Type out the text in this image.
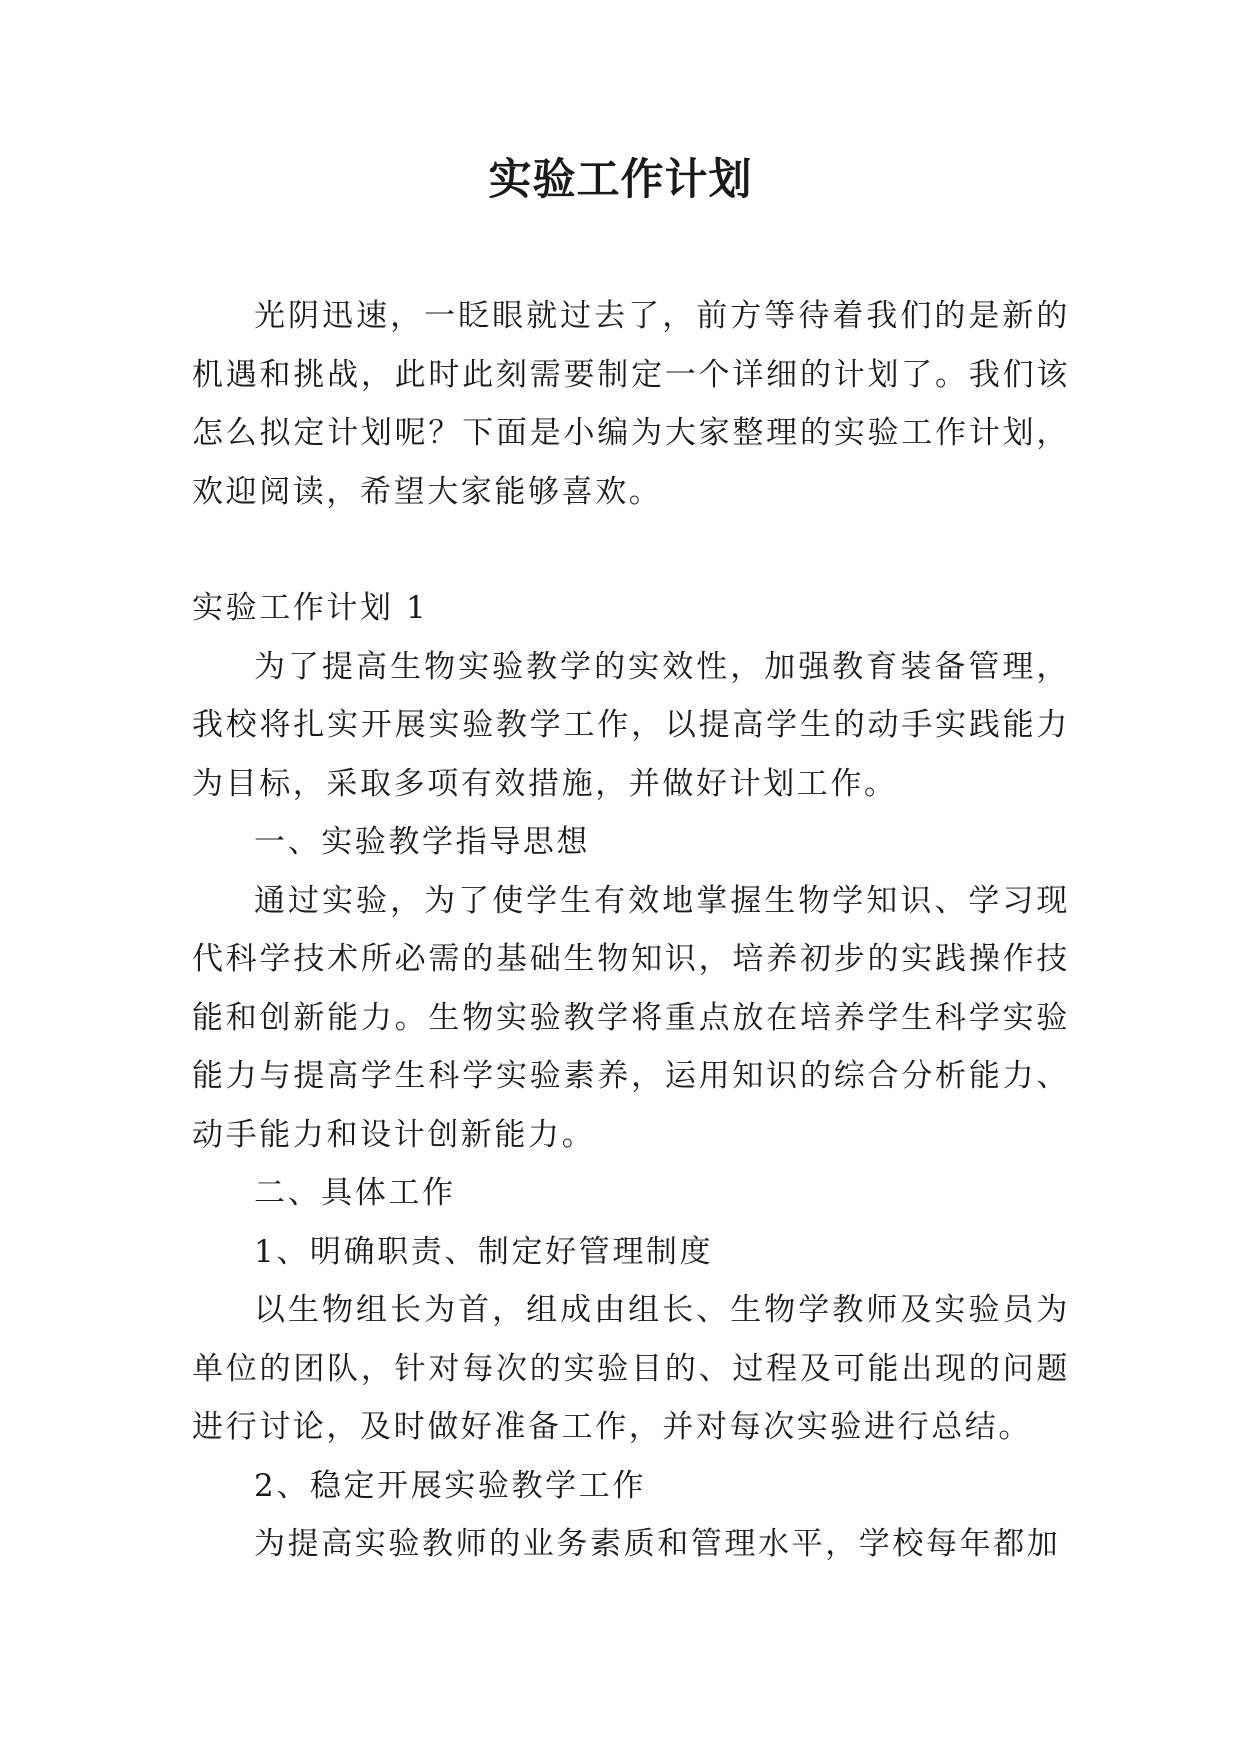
实验工作计划

光阴迅速，一眨眼就过去了，前方等待着我们的是新的机遇和挑战，此时此刻需要制定一个详细的计划了。我们该怎么拟定计划呢？下面是小编为大家整理的实验工作计划，欢迎阅读，希望大家能够喜欢。

实验工作计划 1

为了提高生物实验教学的实效性，加强教育装备管理，我校将扎实开展实验教学工作，以提高学生的动手实践能力为目标，采取多项有效措施，并做好计划工作。

一、实验教学指导思想

通过实验，为了使学生有效地掌握生物学知识、学习现代科学技术所必需的基础生物知识，培养初步的实践操作技能和创新能力。生物实验教学将重点放在培养学生科学实验能力与提高学生科学实验素养，运用知识的综合分析能力、动手能力和设计创新能力。

二、具体工作

1、明确职责、制定好管理制度

以生物组长为首，组成由组长、生物学教师及实验员为单位的团队，针对每次的实验目的、过程及可能出现的问题进行讨论，及时做好准备工作，并对每次实验进行总结。

2、稳定开展实验教学工作

为提高实验教师的业务素质和管理水平，学校每年都加
